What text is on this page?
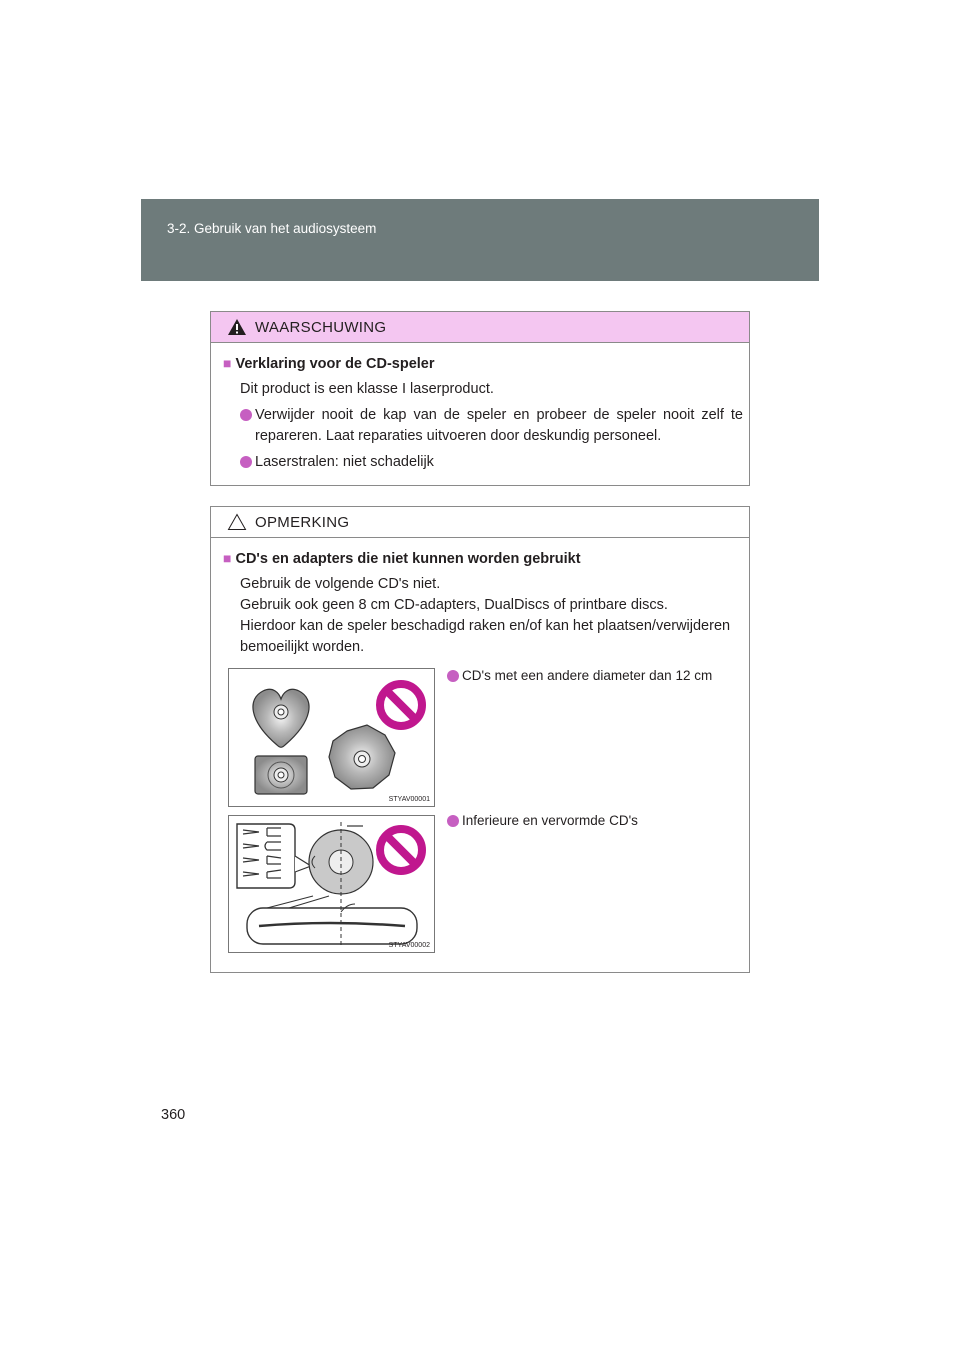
3-2. Gebruik van het audiosysteem
WAARSCHUWING
■ Verklaring voor de CD-speler
Dit product is een klasse I laserproduct.
Verwijder nooit de kap van de speler en probeer de speler nooit zelf te repareren. Laat reparaties uitvoeren door deskundig personeel.
Laserstralen: niet schadelijk
OPMERKING
■ CD's en adapters die niet kunnen worden gebruikt
Gebruik de volgende CD's niet.
Gebruik ook geen 8 cm CD-adapters, DualDiscs of printbare discs.
Hierdoor kan de speler beschadigd raken en/of kan het plaatsen/verwijderen bemoeilijkt worden.
STYAV00001
CD's met een andere diameter dan 12 cm
STYAV00002
Inferieure en vervormde CD's
360
